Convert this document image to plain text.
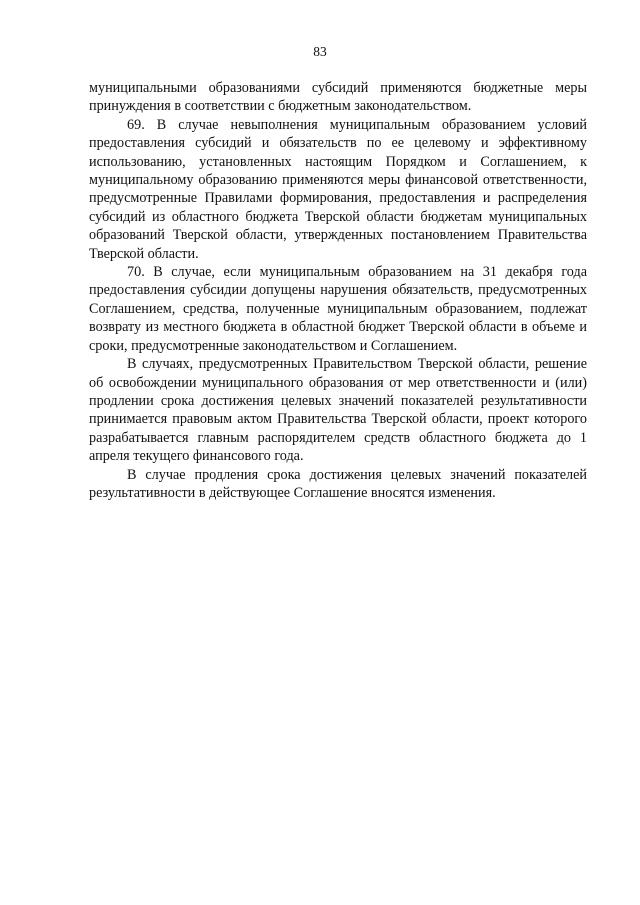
83

муниципальными образованиями субсидий применяются бюджетные меры принуждения в соответствии с бюджетным законодательством.

69. В случае невыполнения муниципальным образованием условий предоставления субсидий и обязательств по ее целевому и эффективному использованию, установленных настоящим Порядком и Соглашением, к муниципальному образованию применяются меры финансовой ответственности, предусмотренные Правилами формирования, предоставления и распределения субсидий из областного бюджета Тверской области бюджетам муниципальных образований Тверской области, утвержденных постановлением Правительства Тверской области.

70. В случае, если муниципальным образованием на 31 декабря года предоставления субсидии допущены нарушения обязательств, предусмотренных Соглашением, средства, полученные муниципальным образованием, подлежат возврату из местного бюджета в областной бюджет Тверской области в объеме и сроки, предусмотренные законодательством и Соглашением.

В случаях, предусмотренных Правительством Тверской области, решение об освобождении муниципального образования от мер ответственности и (или) продлении срока достижения целевых значений показателей результативности принимается правовым актом Правительства Тверской области, проект которого разрабатывается главным распорядителем средств областного бюджета до 1 апреля текущего финансового года.

В случае продления срока достижения целевых значений показателей результативности в действующее Соглашение вносятся изменения.
